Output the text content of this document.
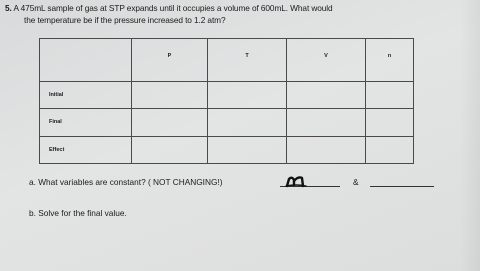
5. A 475mL sample of gas at STP expands until it occupies a volume of 600mL. What would
the temperature be if the pressure increased to 1.2 atm?
	P	T	V	n
Initial				
Final				
Effect				
a. What variables are constant? ( NOT CHANGING!)	&
b. Solve for the final value.
